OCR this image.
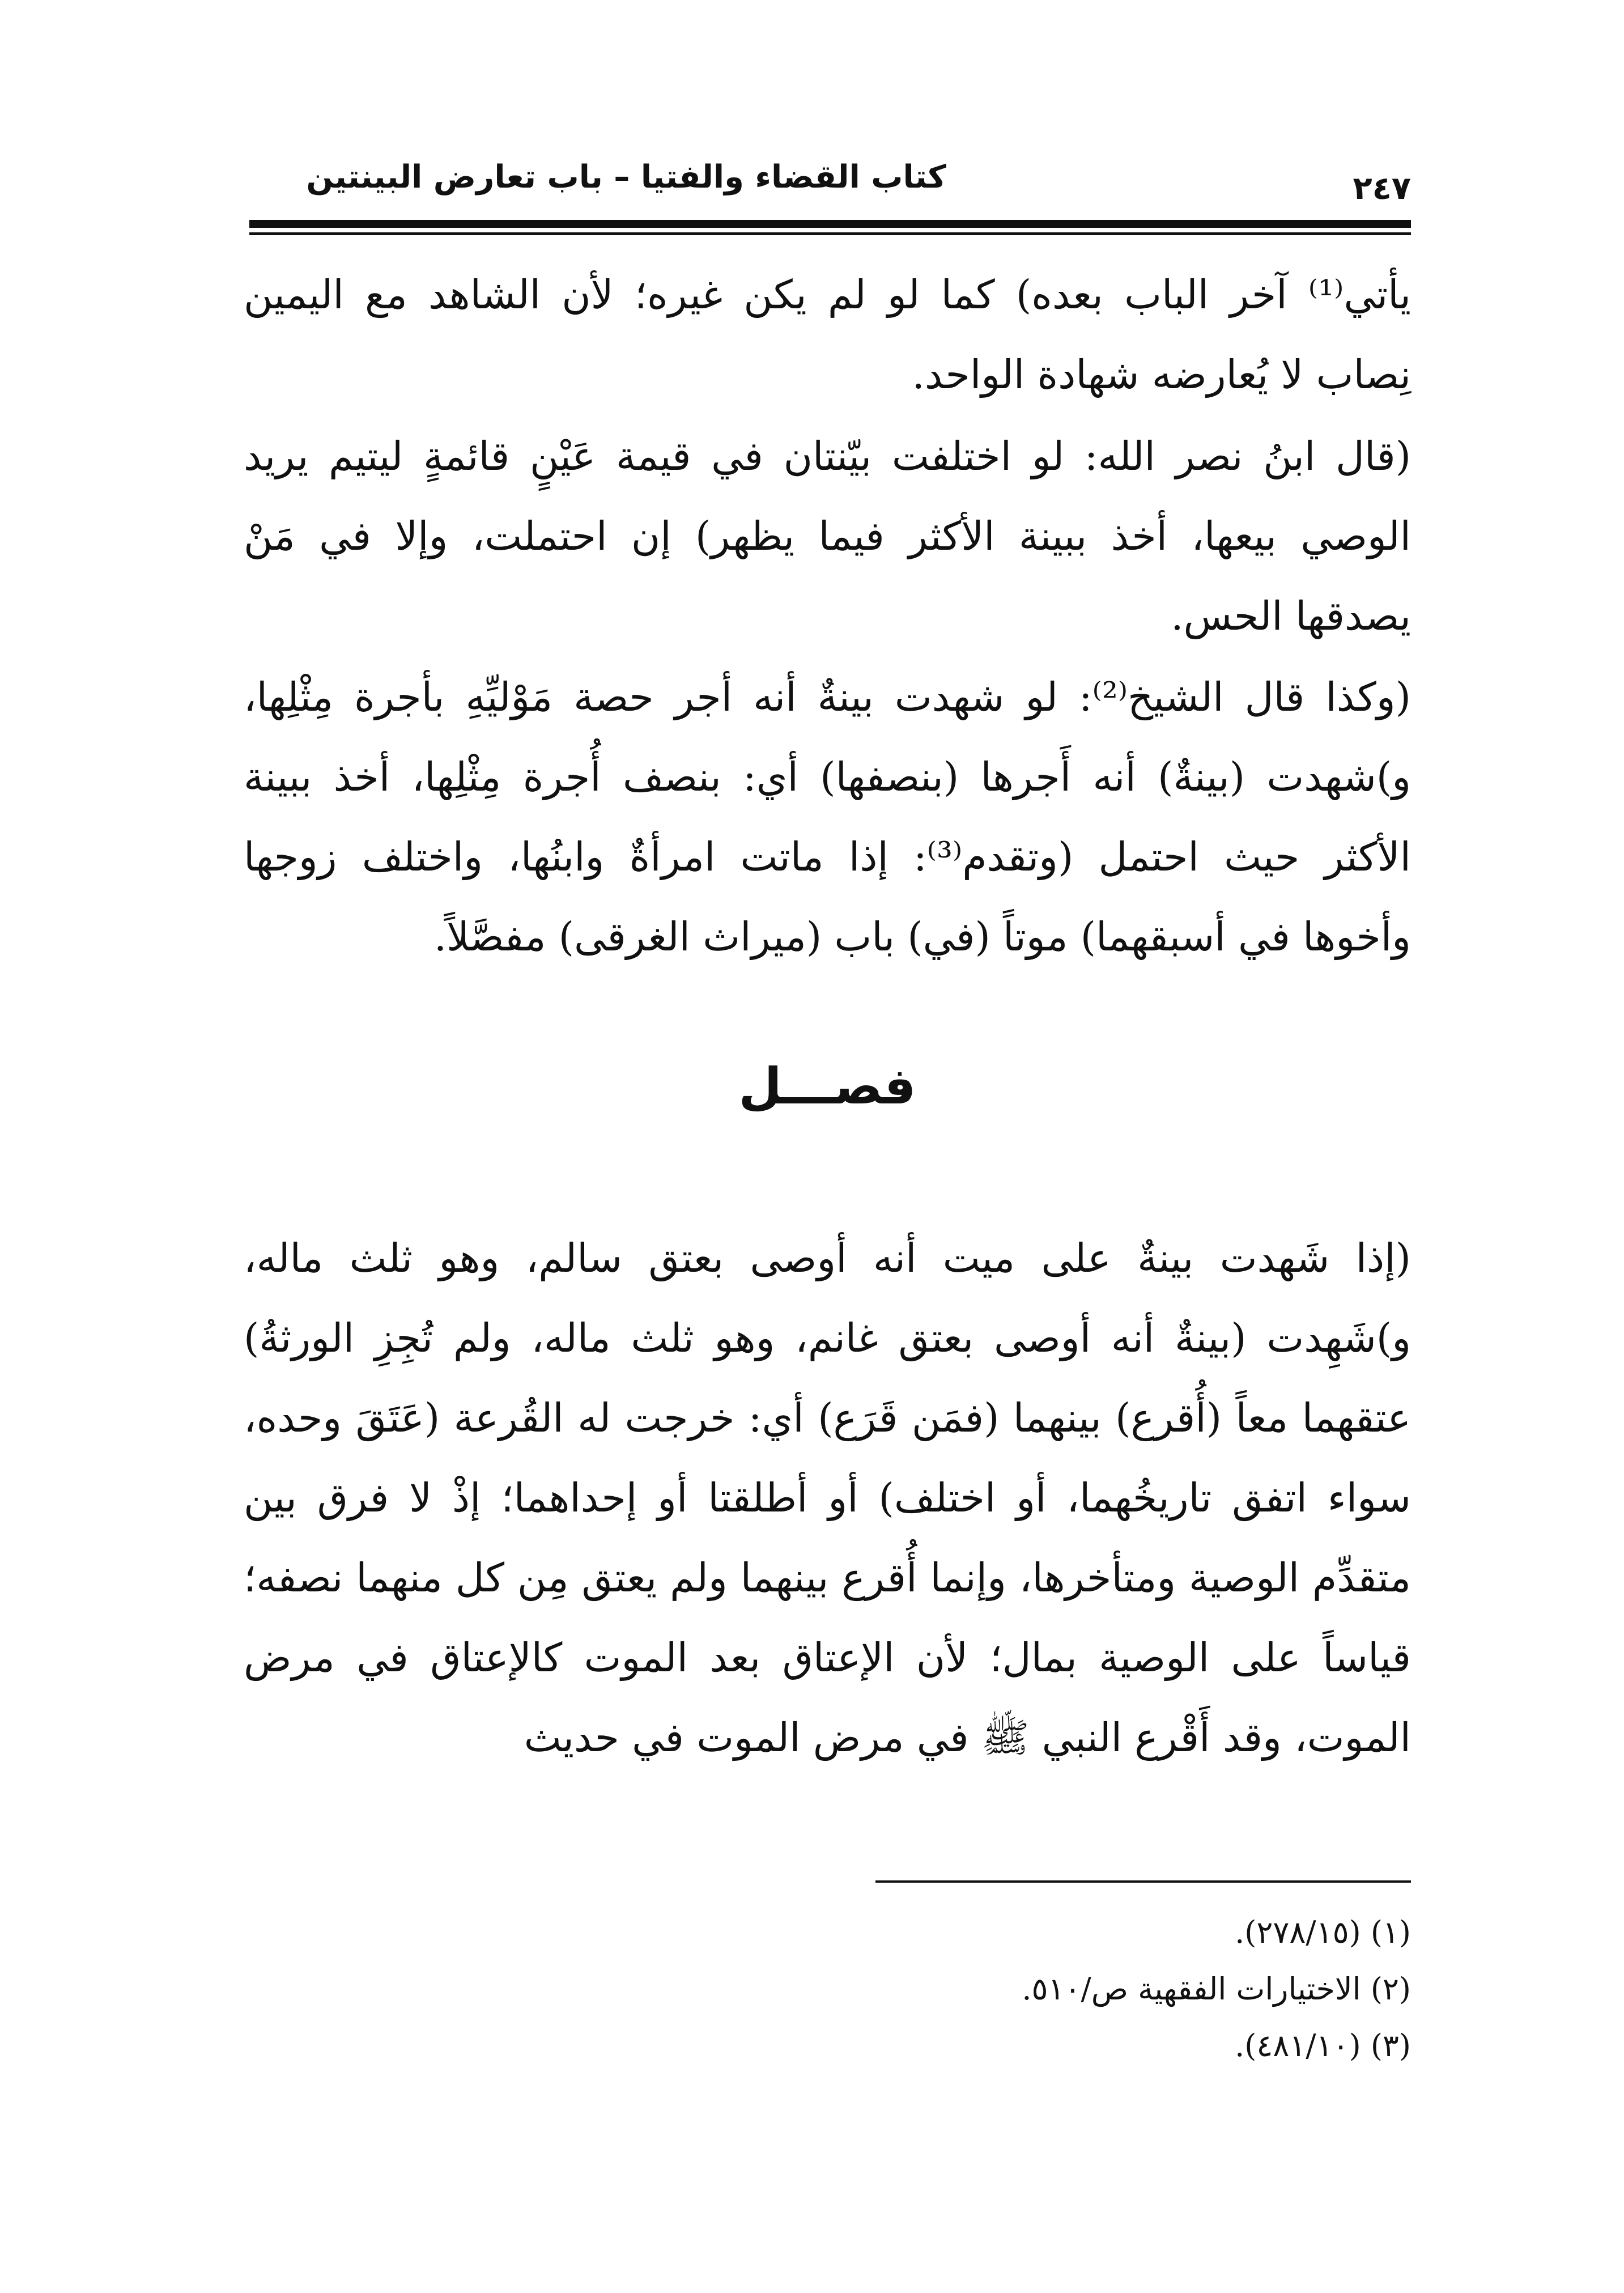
كتاب القضاء والفتيا – باب تعارض البينتين	٢٤٧

يأتي⁽¹⁾ آخر الباب بعده) كما لو لم يكن غيره؛ لأن الشاهد مع اليمين نِصاب لا يُعارضه شهادة الواحد.

(قال ابنُ نصر الله: لو اختلفت بيّنتان في قيمة عَيْنٍ قائمةٍ ليتيم يريد الوصي بيعها، أخذ ببينة الأكثر فيما يظهر) إن احتملت، وإلا في مَنْ يصدقها الحس.

(وكذا قال الشيخ⁽²⁾: لو شهدت بينةٌ أنه أجر حصة مَوْليِّهِ بأجرة مِثْلِها، و)شهدت (بينةٌ) أنه أَجرها (بنصفها) أي: بنصف أُجرة مِثْلِها، أخذ ببينة الأكثر حيث احتمل (وتقدم⁽³⁾: إذا ماتت امرأةٌ وابنُها، واختلف زوجها وأخوها في أسبقهما) موتاً (في) باب (ميراث الغرقى) مفصَّلاً.

فصـــل

(إذا شَهدت بينةٌ على ميت أنه أوصى بعتق سالم، وهو ثلث ماله، و)شَهِدت (بينةٌ أنه أوصى بعتق غانم، وهو ثلث ماله، ولم تُجِزِ الورثةُ) عتقهما معاً (أُقرع) بينهما (فمَن قَرَع) أي: خرجت له القُرعة (عَتَقَ وحده، سواء اتفق تاريخُهما، أو اختلف) أو أطلقتا أو إحداهما؛ إذْ لا فرق بين متقدِّم الوصية ومتأخرها، وإنما أُقرع بينهما ولم يعتق مِن كل منهما نصفه؛ قياساً على الوصية بمال؛ لأن الإعتاق بعد الموت كالإعتاق في مرض الموت، وقد أَقْرع النبي ﷺ في مرض الموت في حديث

(١) (٢٧٨/١٥).
(٢) الاختيارات الفقهية ص/٥١٠.
(٣) (٤٨١/١٠).
